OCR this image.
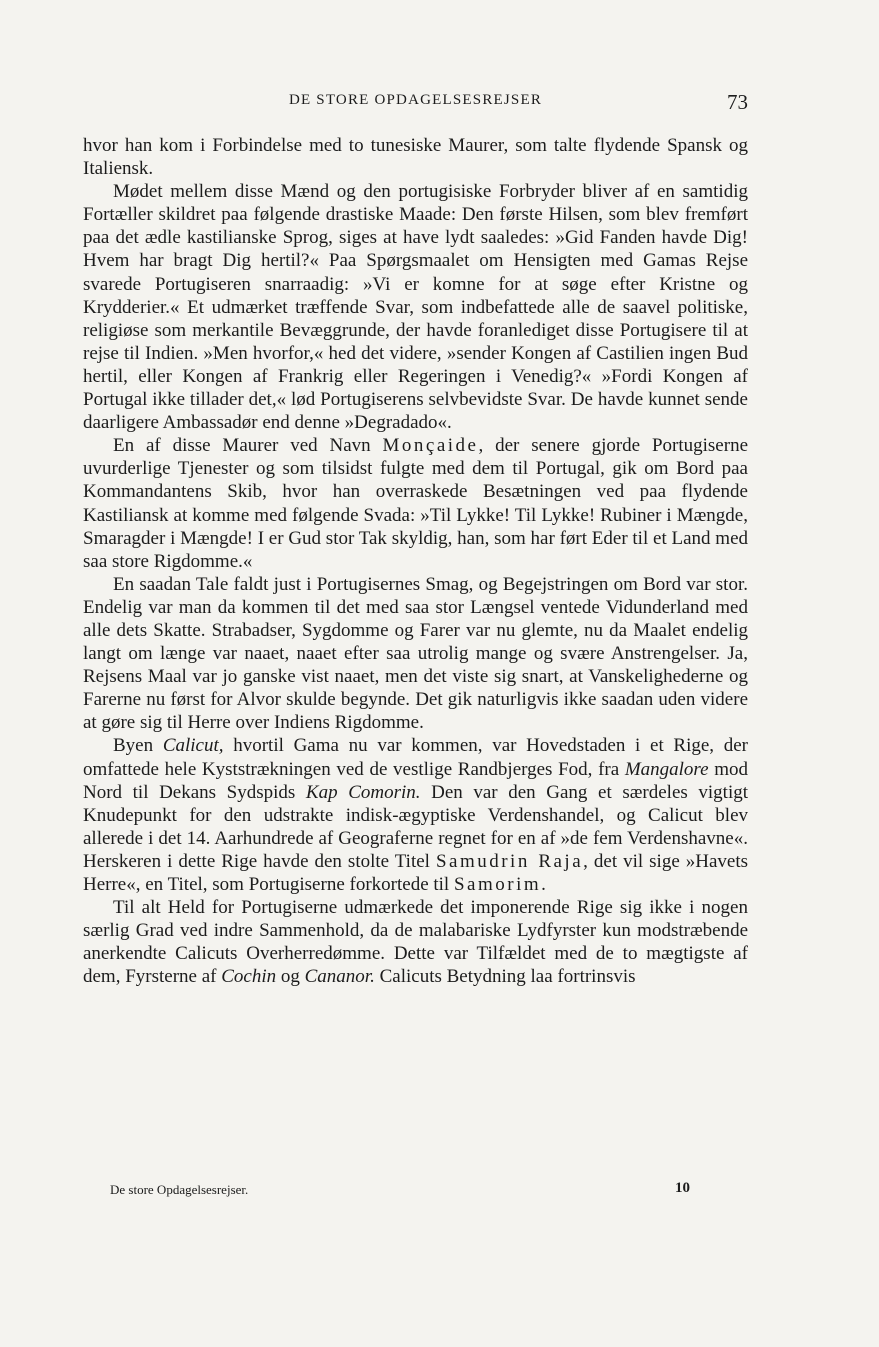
DE STORE OPDAGELSESREJSER	73

hvor han kom i Forbindelse med to tunesiske Maurer, som talte flydende Spansk og Italiensk.

Mødet mellem disse Mænd og den portugisiske Forbryder bliver af en samtidig Fortæller skildret paa følgende drastiske Maade: Den første Hilsen, som blev fremført paa det ædle kastilianske Sprog, siges at have lydt saaledes: »Gid Fanden havde Dig! Hvem har bragt Dig hertil?« Paa Spørgsmaalet om Hensigten med Gamas Rejse svarede Portugiseren snarraadig: »Vi er komne for at søge efter Kristne og Krydderier.« Et udmærket træffende Svar, som indbefattede alle de saavel politiske, religiøse som merkantile Bevæggrunde, der havde foranlediget disse Portugisere til at rejse til Indien. »Men hvorfor,« hed det videre, »sender Kongen af Castilien ingen Bud hertil, eller Kongen af Frankrig eller Regeringen i Venedig?« »Fordi Kongen af Portugal ikke tillader det,« lød Portugiserens selvbevidste Svar. De havde kunnet sende daarligere Ambassadør end denne »Degradado«.

En af disse Maurer ved Navn Monçaide, der senere gjorde Portugiserne uvurderlige Tjenester og som tilsidst fulgte med dem til Portugal, gik om Bord paa Kommandantens Skib, hvor han overraskede Besætningen ved paa flydende Kastiliansk at komme med følgende Svada: »Til Lykke! Til Lykke! Rubiner i Mængde, Smaragder i Mængde! I er Gud stor Tak skyldig, han, som har ført Eder til et Land med saa store Rigdomme.«

En saadan Tale faldt just i Portugisernes Smag, og Begejstringen om Bord var stor. Endelig var man da kommen til det med saa stor Længsel ventede Vidunderland med alle dets Skatte. Strabadser, Sygdomme og Farer var nu glemte, nu da Maalet endelig langt om længe var naaet, naaet efter saa utrolig mange og svære Anstrengelser. Ja, Rejsens Maal var jo ganske vist naaet, men det viste sig snart, at Vanskelighederne og Farerne nu først for Alvor skulde begynde. Det gik naturligvis ikke saadan uden videre at gøre sig til Herre over Indiens Rigdomme.

Byen Calicut, hvortil Gama nu var kommen, var Hovedstaden i et Rige, der omfattede hele Kyststrækningen ved de vestlige Randbjerges Fod, fra Mangalore mod Nord til Dekans Sydspids Kap Comorin. Den var den Gang et særdeles vigtigt Knudepunkt for den udstrakte indisk-ægyptiske Verdenshandel, og Calicut blev allerede i det 14. Aarhundrede af Geograferne regnet for en af »de fem Verdenshavne«. Herskeren i dette Rige havde den stolte Titel Samudrin Raja, det vil sige »Havets Herre«, en Titel, som Portugiserne forkortede til Samorim.

Til alt Held for Portugiserne udmærkede det imponerende Rige sig ikke i nogen særlig Grad ved indre Sammenhold, da de malabariske Lydfyrster kun modstræbende anerkendte Calicuts Overherredømme. Dette var Tilfældet med de to mægtigste af dem, Fyrsterne af Cochin og Cananor. Calicuts Betydning laa fortrinsvis

De store Opdagelsesrejser.	10
